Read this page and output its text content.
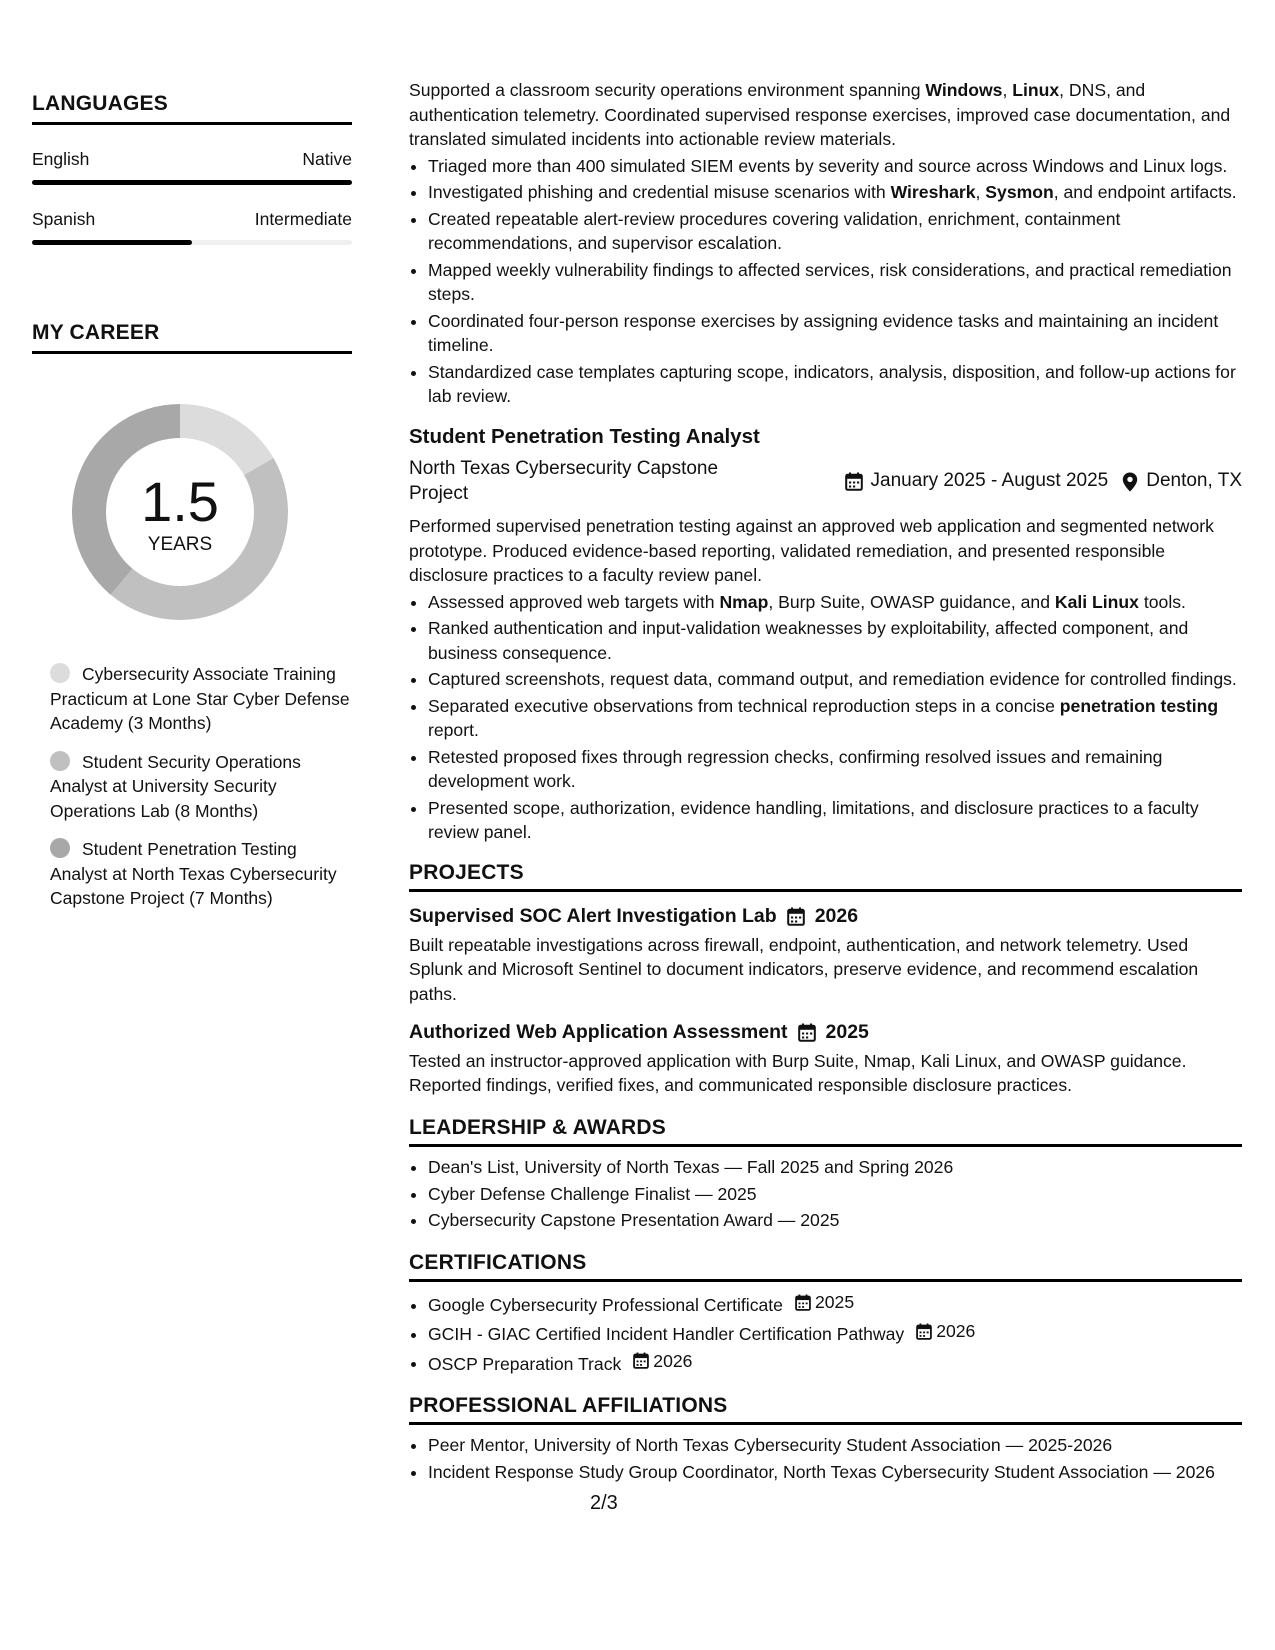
LANGUAGES
English	Native
Spanish	Intermediate
MY CAREER
1.5
YEARS
Cybersecurity Associate Training Practicum at Lone Star Cyber Defense Academy (3 Months)
Student Security Operations Analyst at University Security Operations Lab (8 Months)
Student Penetration Testing Analyst at North Texas Cybersecurity Capstone Project (7 Months)

Supported a classroom security operations environment spanning Windows, Linux, DNS, and authentication telemetry. Coordinated supervised response exercises, improved case documentation, and translated simulated incidents into actionable review materials.

• Triaged more than 400 simulated SIEM events by severity and source across Windows and Linux logs.
• Investigated phishing and credential misuse scenarios with Wireshark, Sysmon, and endpoint artifacts.
• Created repeatable alert-review procedures covering validation, enrichment, containment recommendations, and supervisor escalation.
• Mapped weekly vulnerability findings to affected services, risk considerations, and practical remediation steps.
• Coordinated four-person response exercises by assigning evidence tasks and maintaining an incident timeline.
• Standardized case templates capturing scope, indicators, analysis, disposition, and follow-up actions for lab review.
Student Penetration Testing Analyst
North Texas Cybersecurity Capstone Project
January 2025 - August 2025 Denton, TX

Performed supervised penetration testing against an approved web application and segmented network prototype. Produced evidence-based reporting, validated remediation, and presented responsible disclosure practices to a faculty review panel.

• Assessed approved web targets with Nmap, Burp Suite, OWASP guidance, and Kali Linux tools.
• Ranked authentication and input-validation weaknesses by exploitability, affected component, and business consequence.
• Captured screenshots, request data, command output, and remediation evidence for controlled findings.
• Separated executive observations from technical reproduction steps in a concise penetration testing report.
• Retested proposed fixes through regression checks, confirming resolved issues and remaining development work.
• Presented scope, authorization, evidence handling, limitations, and disclosure practices to a faculty review panel.
PROJECTS
Supervised SOC Alert Investigation Lab 2026

Built repeatable investigations across firewall, endpoint, authentication, and network telemetry. Used Splunk and Microsoft Sentinel to document indicators, preserve evidence, and recommend escalation paths.

Authorized Web Application Assessment 2025

Tested an instructor-approved application with Burp Suite, Nmap, Kali Linux, and OWASP guidance. Reported findings, verified fixes, and communicated responsible disclosure practices.

LEADERSHIP & AWARDS
• Dean's List, University of North Texas — Fall 2025 and Spring 2026
• Cyber Defense Challenge Finalist — 2025
• Cybersecurity Capstone Presentation Award — 2025
CERTIFICATIONS
• Google Cybersecurity Professional Certificate 2025
• GCIH - GIAC Certified Incident Handler Certification Pathway 2026
• OSCP Preparation Track 2026
PROFESSIONAL AFFILIATIONS
• Peer Mentor, University of North Texas Cybersecurity Student Association — 2025-2026
• Incident Response Study Group Coordinator, North Texas Cybersecurity Student Association — 2026
2/3
